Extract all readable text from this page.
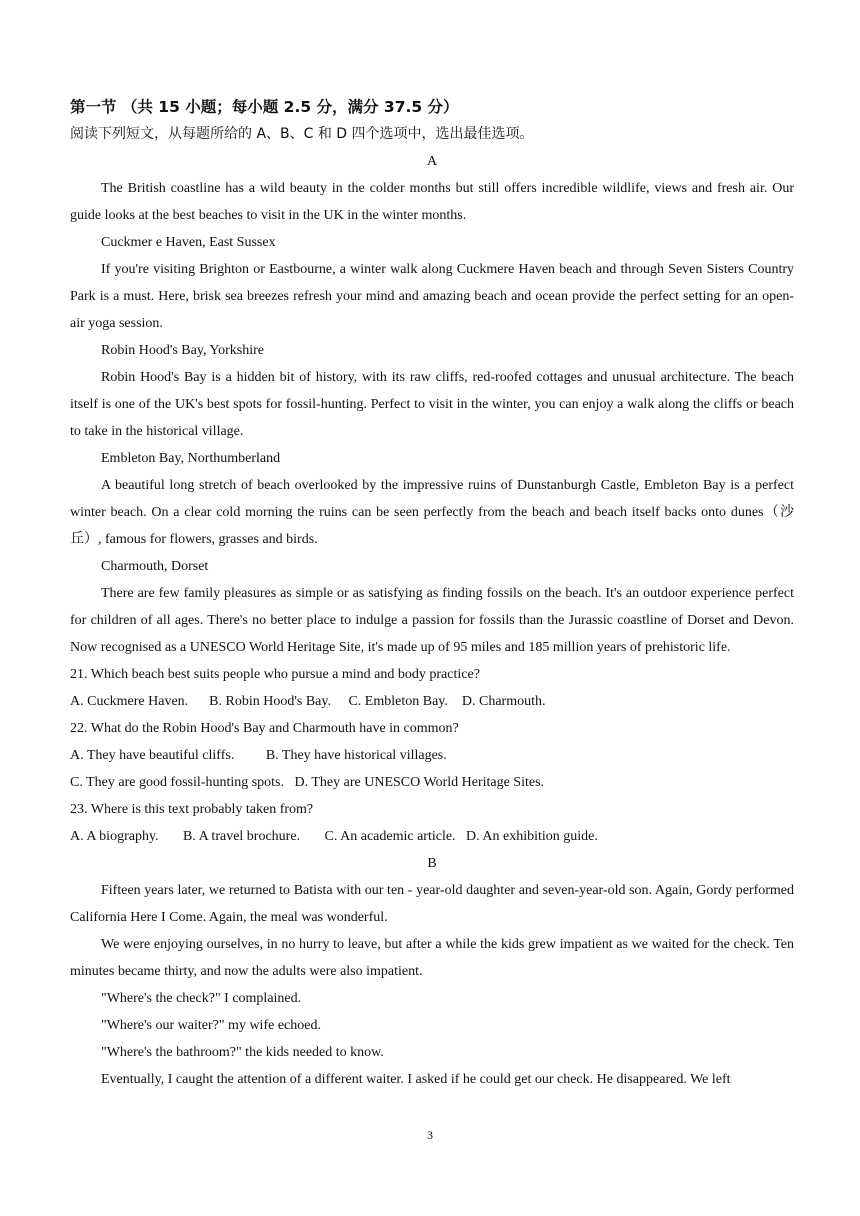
第一节 （共 15 小题；每小题 2.5 分，满分 37.5 分）
阅读下列短文，从每题所给的 A、B、C 和 D 四个选项中，选出最佳选项。
A

The British coastline has a wild beauty in the colder months but still offers incredible wildlife, views and fresh air. Our guide looks at the best beaches to visit in the UK in the winter months.

Cuckmer e Haven, East Sussex

If you're visiting Brighton or Eastbourne, a winter walk along Cuckmere Haven beach and through Seven Sisters Country Park is a must. Here, brisk sea breezes refresh your mind and amazing beach and ocean provide the perfect setting for an open-air yoga session.

Robin Hood's Bay, Yorkshire

Robin Hood's Bay is a hidden bit of history, with its raw cliffs, red-roofed cottages and unusual architecture. The beach itself is one of the UK's best spots for fossil-hunting. Perfect to visit in the winter, you can enjoy a walk along the cliffs or beach to take in the historical village.

Embleton Bay, Northumberland

A beautiful long stretch of beach overlooked by the impressive ruins of Dunstanburgh Castle, Embleton Bay is a perfect winter beach. On a clear cold morning the ruins can be seen perfectly from the beach and beach itself backs onto dunes（沙丘）, famous for flowers, grasses and birds.

Charmouth, Dorset

There are few family pleasures as simple or as satisfying as finding fossils on the beach. It's an outdoor experience perfect for children of all ages. There's no better place to indulge a passion for fossils than the Jurassic coastline of Dorset and Devon. Now recognised as a UNESCO World Heritage Site, it's made up of 95 miles and 185 million years of prehistoric life.

21. Which beach best suits people who pursue a mind and body practice?
A. Cuckmere Haven.      B. Robin Hood's Bay.     C. Embleton Bay.    D. Charmouth.
22. What do the Robin Hood's Bay and Charmouth have in common?
A. They have beautiful cliffs.         B. They have historical villages.
C. They are good fossil-hunting spots.   D. They are UNESCO World Heritage Sites.
23. Where is this text probably taken from?
A. A biography.       B. A travel brochure.       C. An academic article.   D. An exhibition guide.
B

Fifteen years later, we returned to Batista with our ten - year-old daughter and seven-year-old son. Again, Gordy performed California Here I Come. Again, the meal was wonderful.

We were enjoying ourselves, in no hurry to leave, but after a while the kids grew impatient as we waited for the check. Ten minutes became thirty, and now the adults were also impatient.

"Where's the check?" I complained.

"Where's our waiter?" my wife echoed.

"Where's the bathroom?" the kids needed to know.

Eventually, I caught the attention of a different waiter. I asked if he could get our check. He disappeared. We left

3
